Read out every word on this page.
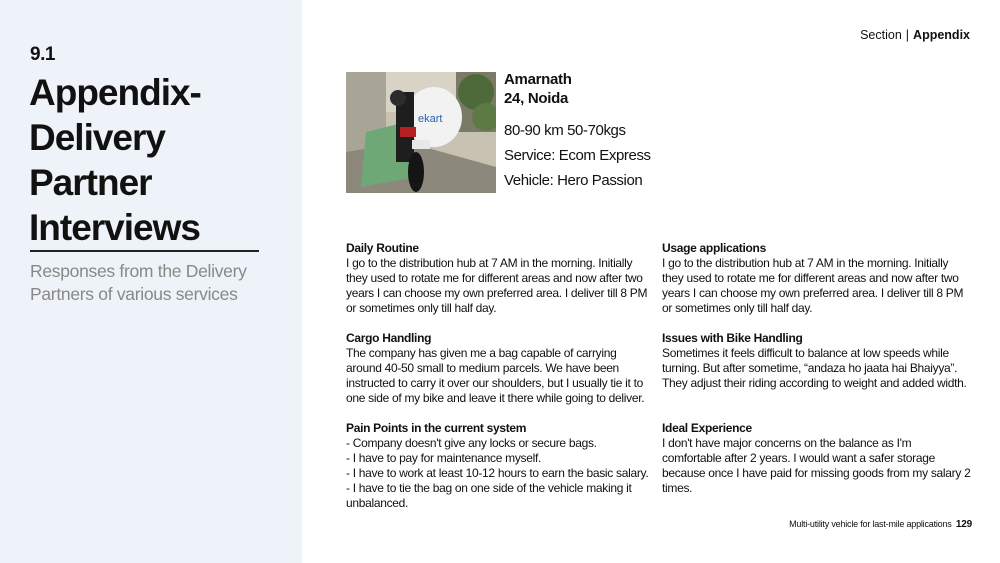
9.1
Appendix-
Delivery
Partner
Interviews
Responses from the Delivery Partners of various services
Section | Appendix
ekart
Amarnath
24, Noida
80-90 km 50-70kgs
Service: Ecom Express
Vehicle: Hero Passion
Daily Routine
I go to the distribution hub at 7 AM in the morning. Initially they used to rotate me for different areas and now after two years I can choose my own preferred area. I deliver till 8 PM or sometimes only till half day.
Cargo Handling
The company has given me a bag capable of carrying around 40-50 small to medium parcels. We have been instructed to carry it over our shoulders, but I usually tie it to one side of my bike and leave it there while going to deliver.
Pain Points in the current system
- Company doesn't give any locks or secure bags.
- I have to pay for maintenance myself.
- I have to work at least 10-12 hours to earn the basic salary.
- I have to tie the bag on one side of the vehicle making it unbalanced.
Usage applications
I go to the distribution hub at 7 AM in the morning. Initially they used to rotate me for different areas and now after two years I can choose my own preferred area. I deliver till 8 PM or sometimes only till half day.
Issues with Bike Handling
Sometimes it feels difficult to balance at low speeds while turning. But after sometime, “andaza ho jaata hai Bhaiyya”. They adjust their riding according to weight and added width.
Ideal Experience
I don't have major concerns on the balance as I'm comfortable after 2 years. I would want a safer storage because once I have paid for missing goods from my salary 2 times.
Multi-utility vehicle for last-mile applications 129
